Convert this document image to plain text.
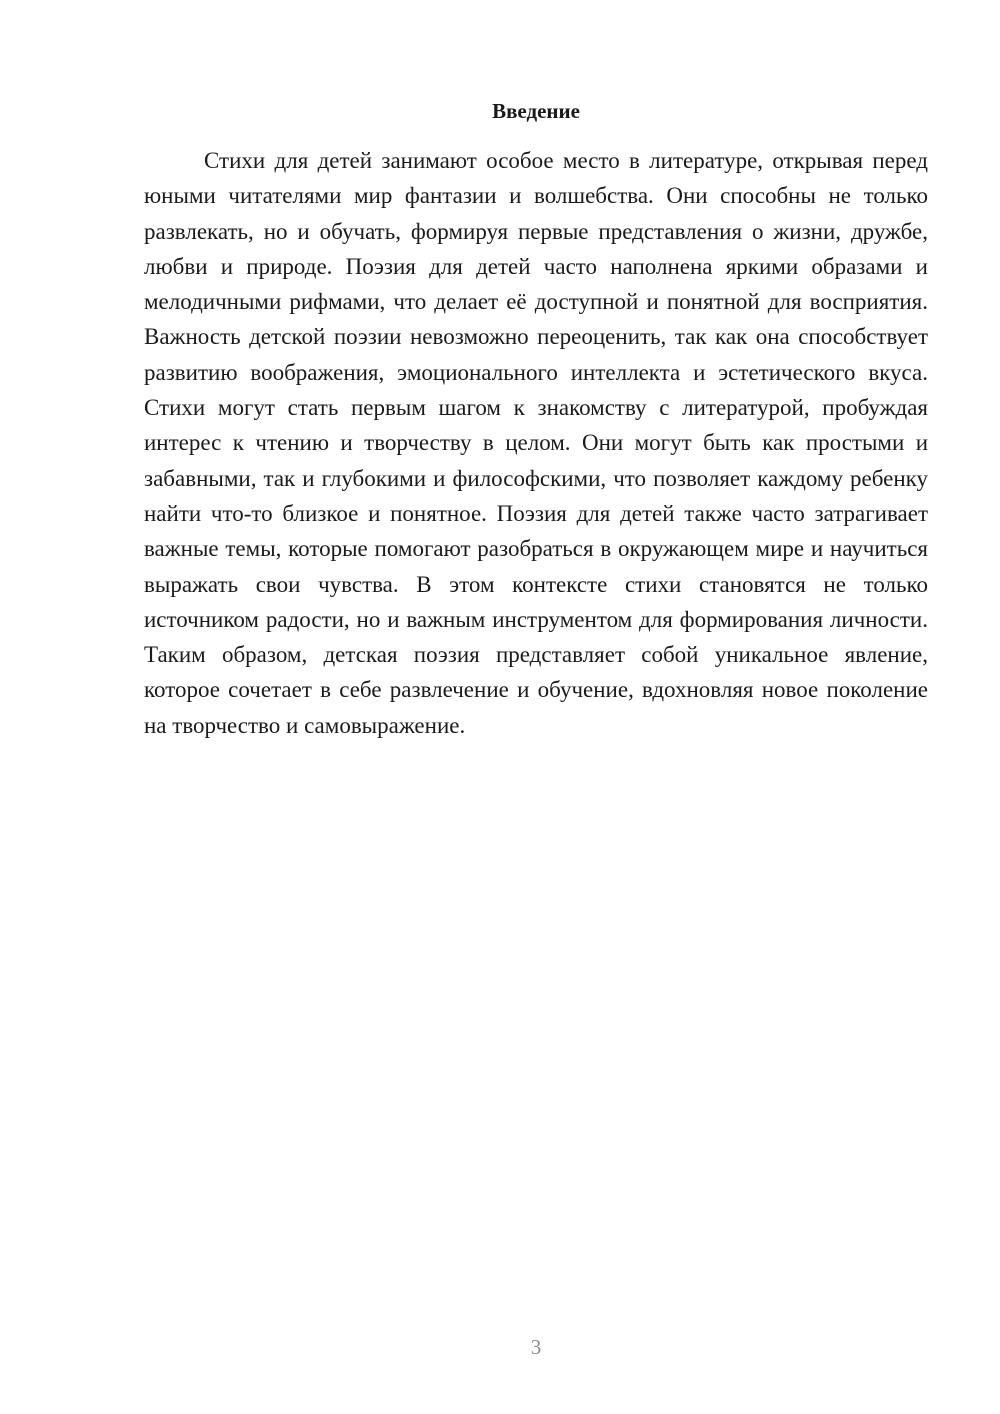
Введение

Стихи для детей занимают особое место в литературе, открывая перед юными читателями мир фантазии и волшебства. Они способны не только развлекать, но и обучать, формируя первые представления о жизни, дружбе, любви и природе. Поэзия для детей часто наполнена яркими образами и мелодичными рифмами, что делает её доступной и понятной для восприятия. Важность детской поэзии невозможно переоценить, так как она способствует развитию воображения, эмоционального интеллекта и эстетического вкуса. Стихи могут стать первым шагом к знакомству с литературой, пробуждая интерес к чтению и творчеству в целом. Они могут быть как простыми и забавными, так и глубокими и философскими, что позволяет каждому ребенку найти что-то близкое и понятное. Поэзия для детей также часто затрагивает важные темы, которые помогают разобраться в окружающем мире и научиться выражать свои чувства. В этом контексте стихи становятся не только источником радости, но и важным инструментом для формирования личности. Таким образом, детская поэзия представляет собой уникальное явление, которое сочетает в себе развлечение и обучение, вдохновляя новое поколение на творчество и самовыражение.

3
